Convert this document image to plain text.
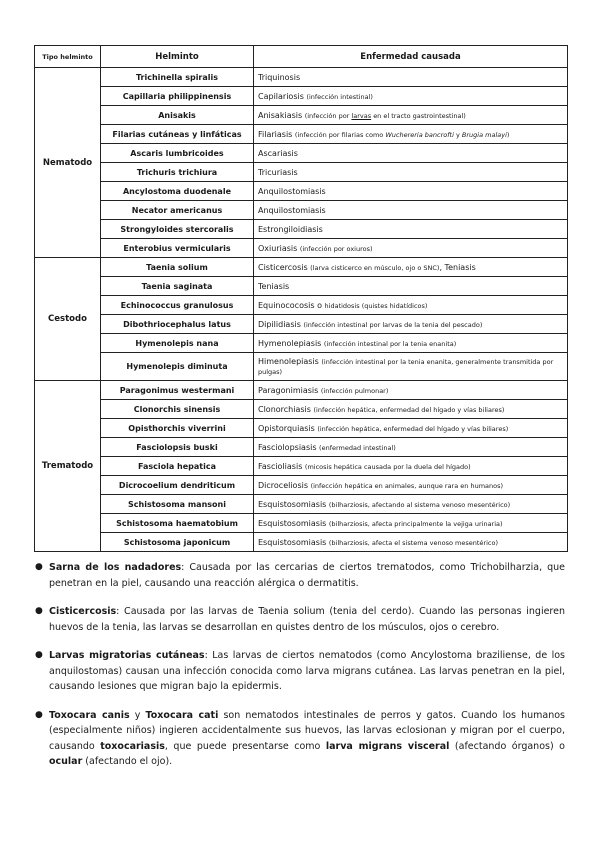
Tipo helminto	Helminto	Enfermedad causada
Nematodo	Trichinella spiralis	Triquinosis
	Capillaria philippinensis	Capilariosis (infección intestinal)
	Anisakis	Anisakiasis (infección por larvas en el tracto gastrointestinal)
	Filarias cutáneas y linfáticas	Filariasis (infección por filarias como Wuchereria bancrofti y Brugia malayi)
	Ascaris lumbricoides	Ascariasis
	Trichuris trichiura	Tricuriasis
	Ancylostoma duodenale	Anquilostomiasis
	Necator americanus	Anquilostomiasis
	Strongyloides stercoralis	Estrongiloidiasis
	Enterobius vermicularis	Oxiuriasis (infección por oxiuros)
Cestodo	Taenia solium	Cisticercosis (larva cisticerco en músculo, ojo o SNC), Teniasis
	Taenia saginata	Teniasis
	Echinococcus granulosus	Equinococosis o hidatidosis (quistes hidatídicos)
	Dibothriocephalus latus	Dipilidiasis (infección intestinal por larvas de la tenia del pescado)
	Hymenolepis nana	Hymenolepiasis (infección intestinal por la tenia enanita)
	Hymenolepis diminuta	Himenolepiasis (infección intestinal por la tenia enanita, generalmente transmitida por pulgas)
Trematodo	Paragonimus westermani	Paragonimiasis (infección pulmonar)
	Clonorchis sinensis	Clonorchiasis (infección hepática, enfermedad del hígado y vías biliares)
	Opisthorchis viverrini	Opistorquiasis (infección hepática, enfermedad del hígado y vías biliares)
	Fasciolopsis buski	Fasciolopsiasis (enfermedad intestinal)
	Fasciola hepatica	Fascioliasis (micosis hepática causada por la duela del hígado)
	Dicrocoelium dendriticum	Dicroceliosis (infección hepática en animales, aunque rara en humanos)
	Schistosoma mansoni	Esquistosomiasis (bilharziosis, afectando al sistema venoso mesentérico)
	Schistosoma haematobium	Esquistosomiasis (bilharziosis, afecta principalmente la vejiga urinaria)
	Schistosoma japonicum	Esquistosomiasis (bilharziosis, afecta el sistema venoso mesentérico)
● Sarna de los nadadores: Causada por las cercarias de ciertos trematodos, como Trichobilharzia, que penetran en la piel, causando una reacción alérgica o dermatitis.
● Cisticercosis: Causada por las larvas de Taenia solium (tenia del cerdo). Cuando las personas ingieren huevos de la tenia, las larvas se desarrollan en quistes dentro de los músculos, ojos o cerebro.
● Larvas migratorias cutáneas: Las larvas de ciertos nematodos (como Ancylostoma braziliense, de los anquilostomas) causan una infección conocida como larva migrans cutánea. Las larvas penetran en la piel, causando lesiones que migran bajo la epidermis.
● Toxocara canis y Toxocara cati son nematodos intestinales de perros y gatos. Cuando los humanos (especialmente niños) ingieren accidentalmente sus huevos, las larvas eclosionan y migran por el cuerpo, causando toxocariasis, que puede presentarse como larva migrans visceral (afectando órganos) o ocular (afectando el ojo).
